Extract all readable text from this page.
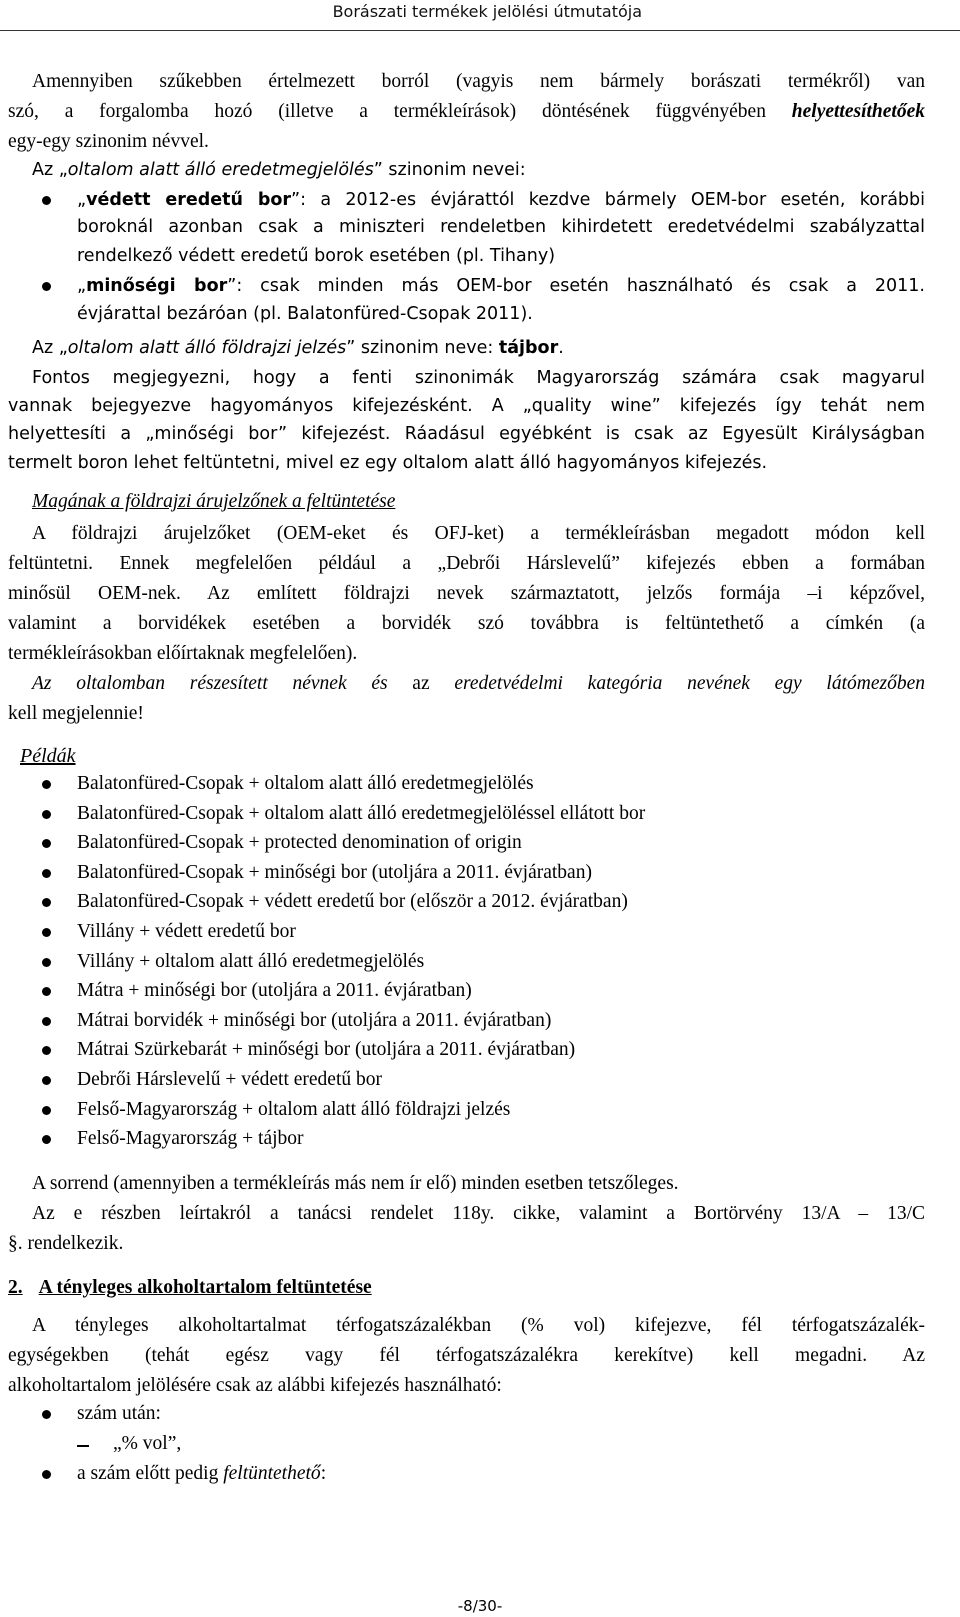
Borászati termékek jelölési útmutatója
Amennyiben szűkebben értelmezett borról (vagyis nem bármely borászati termékről) van
szó, a forgalomba hozó (illetve a termékleírások) döntésének függvényében helyettesíthetőek
egy-egy szinonim névvel.
Az „oltalom alatt álló eredetmegjelölés” szinonim nevei:
„védett eredetű bor”: a 2012-es évjárattól kezdve bármely OEM-bor esetén, korábbi
boroknál azonban csak a miniszteri rendeletben kihirdetett eredetvédelmi szabályzattal
rendelkező védett eredetű borok esetében (pl. Tihany)
„minőségi bor”: csak minden más OEM-bor esetén használható és csak a 2011.
évjárattal bezáróan (pl. Balatonfüred-Csopak 2011).
Az „oltalom alatt álló földrajzi jelzés” szinonim neve: tájbor.
Fontos megjegyezni, hogy a fenti szinonimák Magyarország számára csak magyarul
vannak bejegyezve hagyományos kifejezésként. A „quality wine” kifejezés így tehát nem
helyettesíti a „minőségi bor” kifejezést. Ráadásul egyébként is csak az Egyesült Királyságban
termelt boron lehet feltüntetni, mivel ez egy oltalom alatt álló hagyományos kifejezés.
Magának a földrajzi árujelzőnek a feltüntetése
A földrajzi árujelzőket (OEM-eket és OFJ-ket) a termékleírásban megadott módon kell
feltüntetni. Ennek megfelelően például a „Debrői Hárslevelű” kifejezés ebben a formában
minősül OEM-nek. Az említett földrajzi nevek származtatott, jelzős formája –i képzővel,
valamint a borvidékek esetében a borvidék szó továbbra is feltüntethető a címkén (a
termékleírásokban előírtaknak megfelelően).
Az oltalomban részesített névnek és az eredetvédelmi kategória nevének egy látómezőben
kell megjelennie!
Példák
Balatonfüred-Csopak + oltalom alatt álló eredetmegjelölés
Balatonfüred-Csopak + oltalom alatt álló eredetmegjelöléssel ellátott bor
Balatonfüred-Csopak + protected denomination of origin
Balatonfüred-Csopak + minőségi bor (utoljára a 2011. évjáratban)
Balatonfüred-Csopak + védett eredetű bor (először a 2012. évjáratban)
Villány + védett eredetű bor
Villány + oltalom alatt álló eredetmegjelölés
Mátra + minőségi bor (utoljára a 2011. évjáratban)
Mátrai borvidék + minőségi bor (utoljára a 2011. évjáratban)
Mátrai Szürkebarát + minőségi bor (utoljára a 2011. évjáratban)
Debrői Hárslevelű + védett eredetű bor
Felső-Magyarország + oltalom alatt álló földrajzi jelzés
Felső-Magyarország + tájbor
A sorrend (amennyiben a termékleírás más nem ír elő) minden esetben tetszőleges.
Az e részben leírtakról a tanácsi rendelet 118y. cikke, valamint a Bortörvény 13/A – 13/C
§. rendelkezik.
2. A tényleges alkoholtartalom feltüntetése
A tényleges alkoholtartalmat térfogatszázalékban (% vol) kifejezve, fél térfogatszázalék-
egységekben (tehát egész vagy fél térfogatszázalékra kerekítve) kell megadni. Az
alkoholtartalom jelölésére csak az alábbi kifejezés használható:
szám után:
„% vol”,
a szám előtt pedig feltüntethető:
-8/30-
